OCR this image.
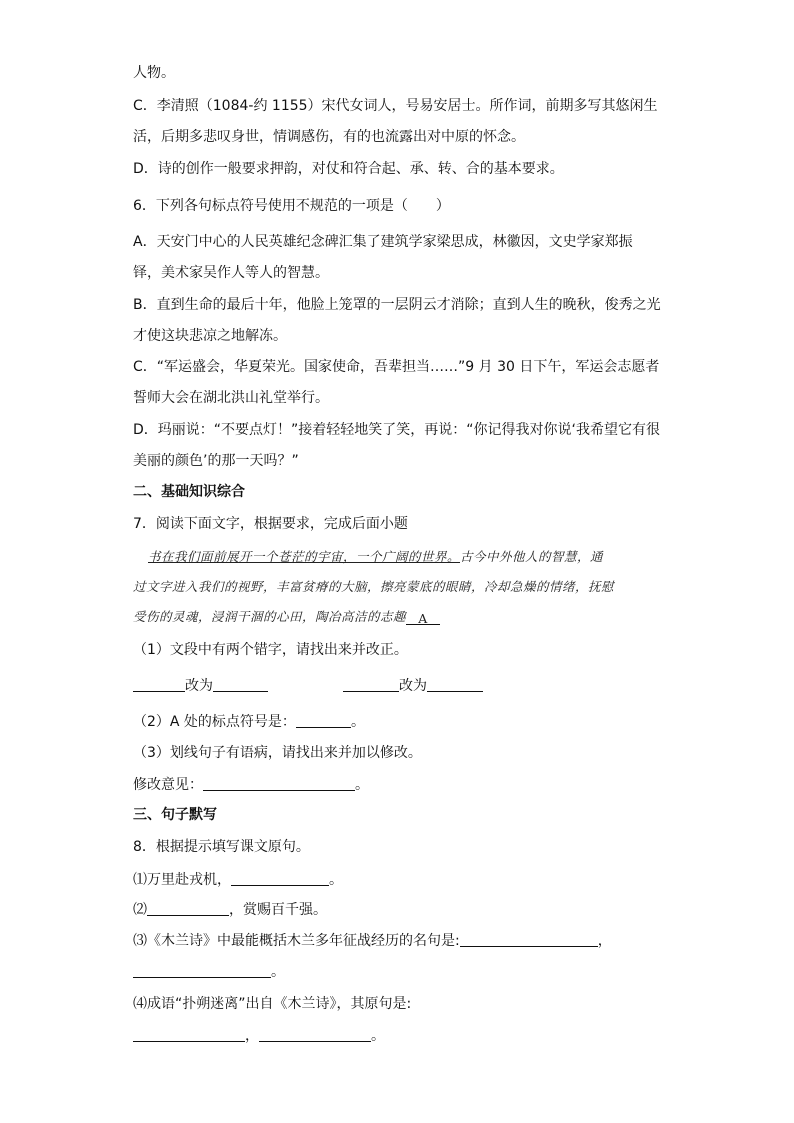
人物。
C．李清照（1084-约 1155）宋代女词人，号易安居士。所作词，前期多写其悠闲生
活，后期多悲叹身世，情调感伤，有的也流露出对中原的怀念。
D．诗的创作一般要求押韵，对仗和符合起、承、转、合的基本要求。
6．下列各句标点符号使用不规范的一项是（　　）
A．天安门中心的人民英雄纪念碑汇集了建筑学家梁思成，林徽因，文史学家郑振
铎，美术家吴作人等人的智慧。
B．直到生命的最后十年，他脸上笼罩的一层阴云才消除；直到人生的晚秋，俊秀之光
才使这块悲凉之地解冻。
C．“军运盛会，华夏荣光。国家使命，吾辈担当……”9 月 30 日下午，军运会志愿者
誓师大会在湖北洪山礼堂举行。
D．玛丽说：“不要点灯！”接着轻轻地笑了笑，再说：“你记得我对你说‘我希望它有很
美丽的颜色’的那一天吗？”
二、基础知识综合
7．阅读下面文字，根据要求，完成后面小题
书在我们面前展开一个苍茫的宇宙，一个广阔的世界。古今中外他人的智慧，通
过文字进入我们的视野，丰富贫瘠的大脑，擦亮蒙底的眼睛，冷却急燥的情绪，抚慰
受伤的灵魂，浸润干涸的心田，陶冶高洁的志趣 A
（1）文段中有两个错字，请找出来并改正。
改为	改为
（2）A 处的标点符号是：	。
（3）划线句子有语病，请找出来并加以修改。
修改意见：	。
三、句子默写
8．根据提示填写课文原句。
⑴万里赴戎机，	。
⑵	，赏赐百千强。
⑶《木兰诗》中最能概括木兰多年征战经历的名句是:	，
。
⑷成语“扑朔迷离”出自《木兰诗》，其原句是:
，	。
